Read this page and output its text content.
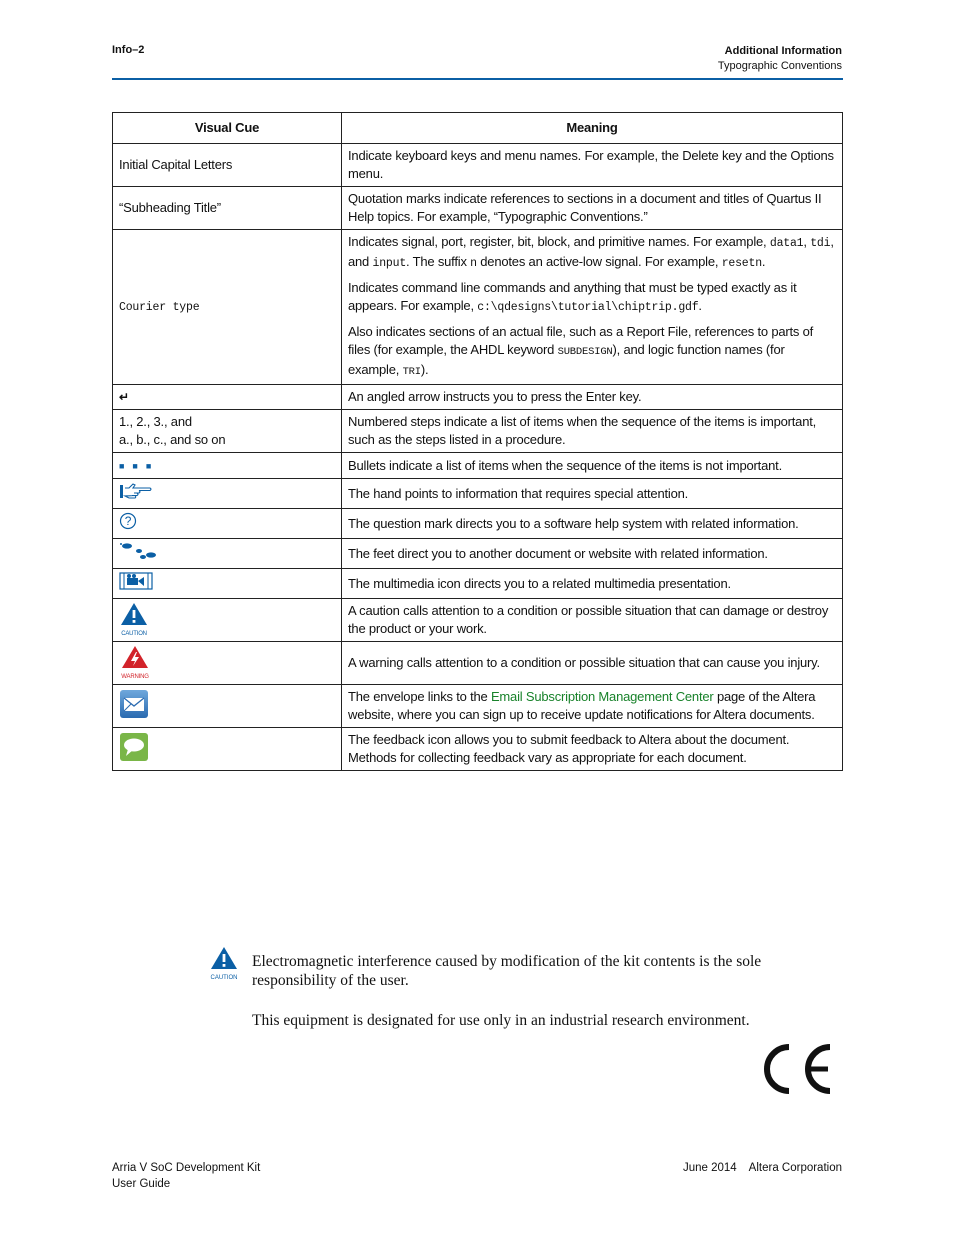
Info–2	Additional Information
Typographic Conventions
Visual Cue	Meaning
Initial Capital Letters	Indicate keyboard keys and menu names. For example, the Delete key and the Options menu.
“Subheading Title”	Quotation marks indicate references to sections in a document and titles of Quartus II Help topics. For example, “Typographic Conventions.”
Courier type	Indicates signal, port, register, bit, block, and primitive names. For example, data1, tdi, and input. The suffix n denotes an active-low signal. For example, resetn.

Indicates command line commands and anything that must be typed exactly as it appears. For example, c:\qdesigns\tutorial\chiptrip.gdf.

Also indicates sections of an actual file, such as a Report File, references to parts of files (for example, the AHDL keyword SUBDESIGN), and logic function names (for example, TRI).

↵	An angled arrow instructs you to press the Enter key.

1., 2., 3., and
a., b., c., and so on	Numbered steps indicate a list of items when the sequence of the items is important, such as the steps listed in a procedure.
■  ■  ■	Bullets indicate a list of items when the sequence of the items is not important.
	The hand points to information that requires special attention.

?	The question mark directs you to a software help system with related information.
	The feet direct you to another document or website with related information.
	The multimedia icon directs you to a related multimedia presentation.

CAUTION	A caution calls attention to a condition or possible situation that can damage or destroy the product or your work.

WARNING	A warning calls attention to a condition or possible situation that can cause you injury.
	The envelope links to the Email Subscription Management Center page of the Altera website, where you can sign up to receive update notifications for Altera documents.
	The feedback icon allows you to submit feedback to Altera about the document. Methods for collecting feedback vary as appropriate for each document.
CAUTION

Electromagnetic interference caused by modification of the kit contents is the sole responsibility of the user.

This equipment is designated for use only in an industrial research environment.

Arria V SoC Development Kit
User Guide
June 2014 Altera Corporation
